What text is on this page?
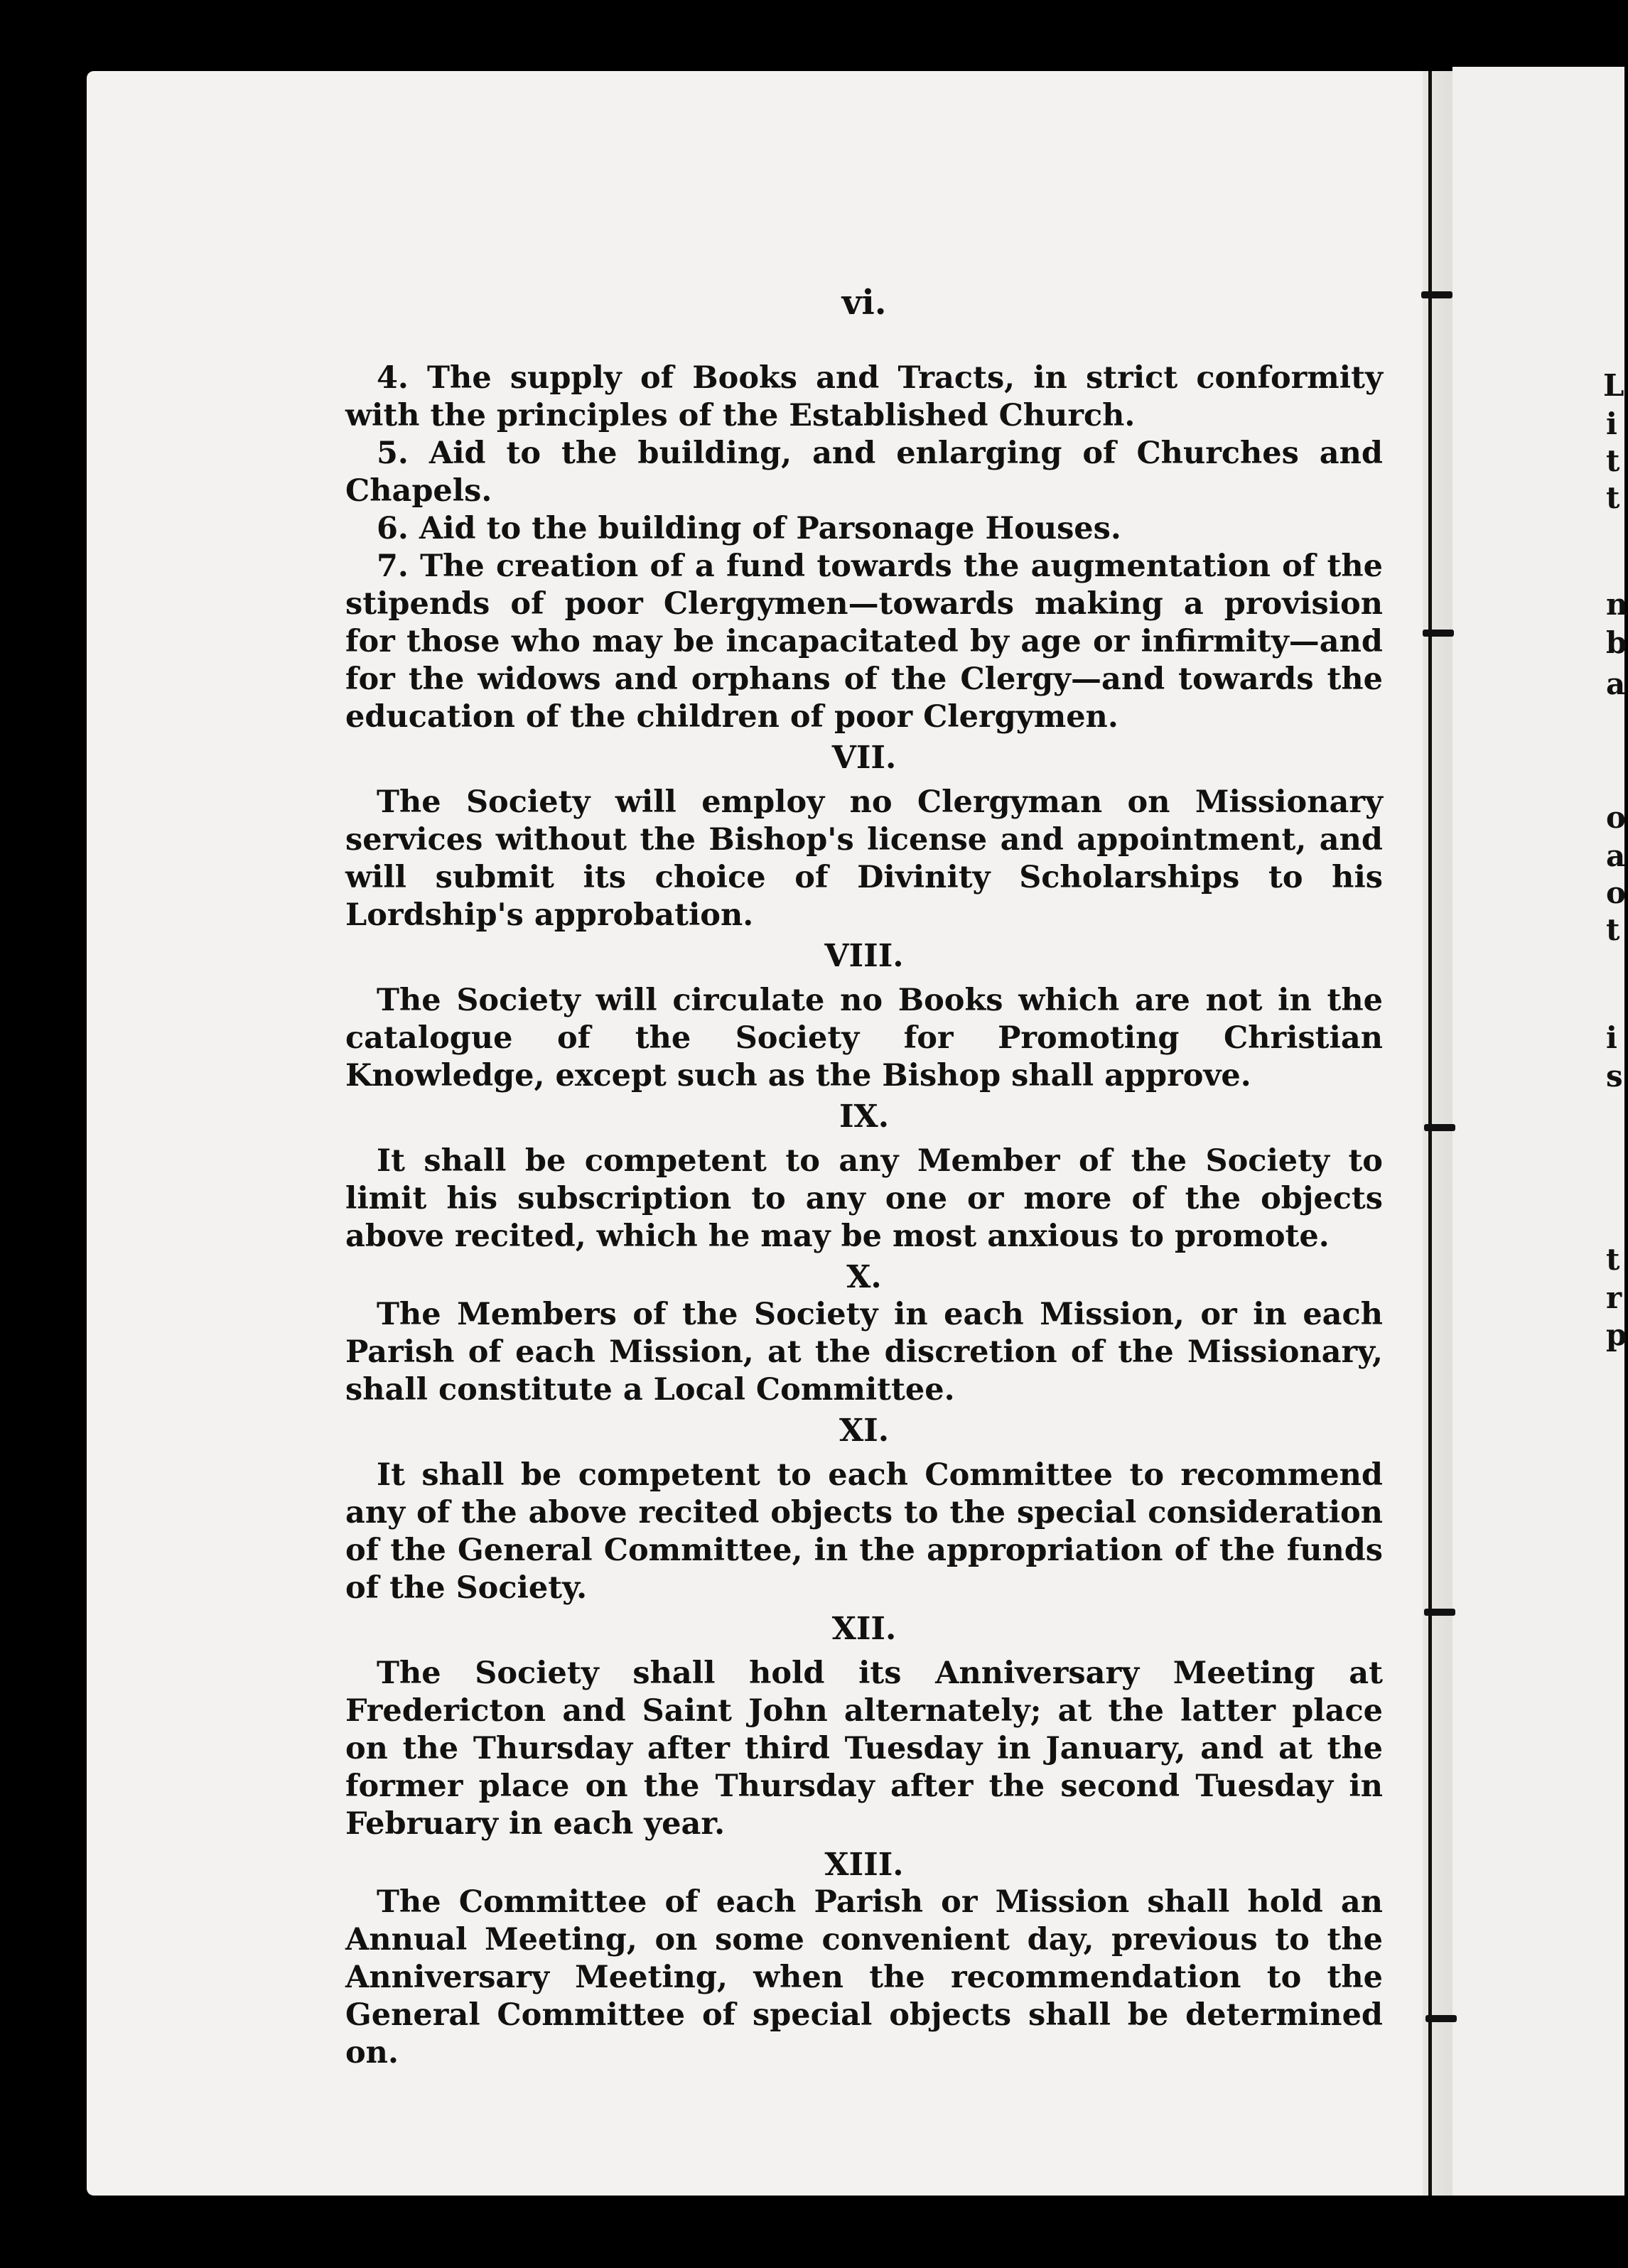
vi.

4. The supply of Books and Tracts, in strict conformity with the principles of the Established Church.

5. Aid to the building, and enlarging of Churches and Chapels.

6. Aid to the building of Parsonage Houses.

7. The creation of a fund towards the augmentation of the stipends of poor Clergymen—towards making a provision for those who may be incapacitated by age or infirmity—and for the widows and orphans of the Clergy—and towards the education of the children of poor Clergymen.

VII.

The Society will employ no Clergyman on Missionary services without the Bishop's license and appointment, and will submit its choice of Divinity Scholarships to his Lordship's approbation.

VIII.

The Society will circulate no Books which are not in the catalogue of the Society for Promoting Christian Knowledge, except such as the Bishop shall approve.

IX.

It shall be competent to any Member of the Society to limit his subscription to any one or more of the objects above recited, which he may be most anxious to promote.

X.

The Members of the Society in each Mission, or in each Parish of each Mission, at the discretion of the Missionary, shall constitute a Local Committee.

XI.

It shall be competent to each Committee to recommend any of the above recited objects to the special consideration of the General Committee, in the appropriation of the funds of the Society.

XII.

The Society shall hold its Anniversary Meeting at Fredericton and Saint John alternately; at the latter place on the Thursday after third Tuesday in January, and at the former place on the Thursday after the second Tuesday in February in each year.

XIII.

The Committee of each Parish or Mission shall hold an Annual Meeting, on some convenient day, previous to the Anniversary Meeting, when the recommendation to the General Committee of special objects shall be determined on.

L
i
t
t
n
b
a
o
a
o
t
i
s
t
r
p
